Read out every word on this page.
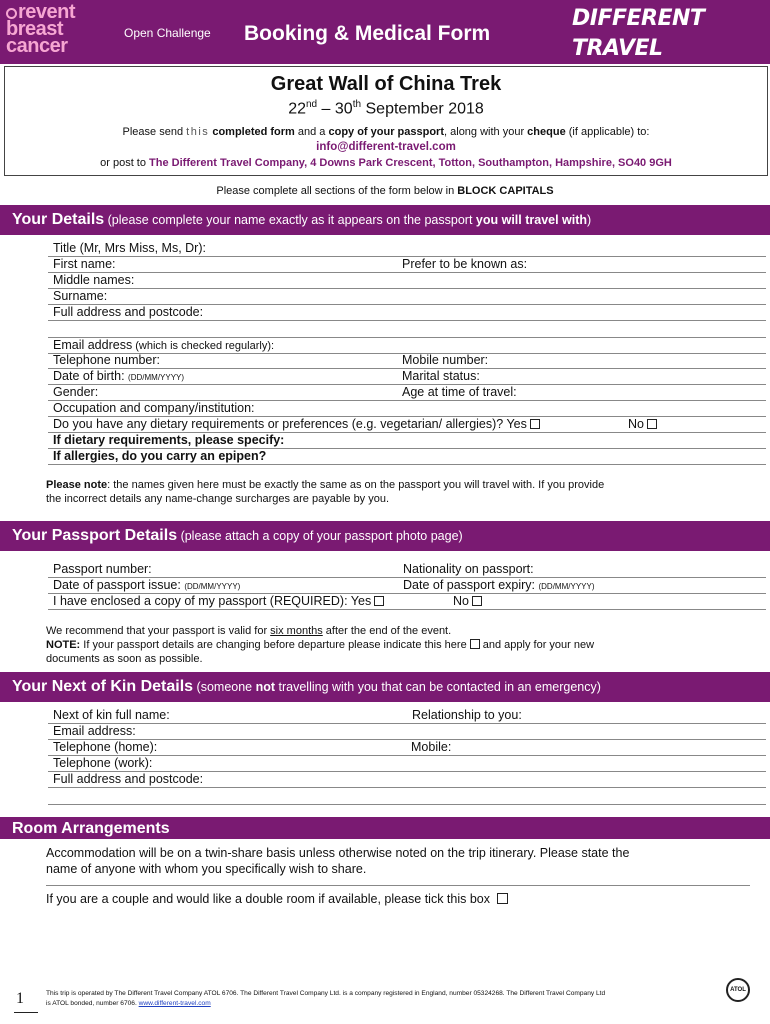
revent
breast
cancer
Open Challenge Booking & Medical Form
DIFFERENT TRAVEL
do something different - make a difference
www.different-travel.com
Great Wall of China Trek
22nd – 30th September 2018
Please send this completed form and a copy of your passport, along with your cheque (if applicable) to:
info@different-travel.com
or post to The Different Travel Company, 4 Downs Park Crescent, Totton, Southampton, Hampshire, SO40 9GH
Please complete all sections of the form below in BLOCK CAPITALS
Your Details (please complete your name exactly as it appears on the passport you will travel with)
Title (Mr, Mrs Miss, Ms, Dr):
First name:	Prefer to be known as:
Middle names:
Surname:
Full address and postcode:
Email address (which is checked regularly):
Telephone number:	Mobile number:
Date of birth: (DD/MM/YYYY)	Marital status:
Gender:	Age at time of travel:
Occupation and company/institution:
Do you have any dietary requirements or preferences (e.g. vegetarian/ allergies)? Yes	No
If dietary requirements, please specify:
If allergies, do you carry an epipen?
Please note: the names given here must be exactly the same as on the passport you will travel with. If you provide
the incorrect details any name-change surcharges are payable by you.
Your Passport Details (please attach a copy of your passport photo page)
Passport number:	Nationality on passport:
Date of passport issue: (DD/MM/YYYY)	Date of passport expiry: (DD/MM/YYYY)
I have enclosed a copy of my passport (REQUIRED): Yes	No
We recommend that your passport is valid for six months after the end of the event.
NOTE: If your passport details are changing before departure please indicate this here and apply for your new
documents as soon as possible.
Your Next of Kin Details (someone not travelling with you that can be contacted in an emergency)
Next of kin full name:	Relationship to you:
Email address:
Telephone (home):	Mobile:
Telephone (work):
Full address and postcode:
Room Arrangements
Accommodation will be on a twin-share basis unless otherwise noted on the trip itinerary. Please state the
name of anyone with whom you specifically wish to share.
If you are a couple and would like a double room if available, please tick this box
1	This trip is operated by The Different Travel Company ATOL 6706. The Different Travel Company Ltd. is a company registered in England, number 05324268. The Different Travel Company Ltd
is ATOL bonded, number 6706. www.different-travel.com
ATOL
